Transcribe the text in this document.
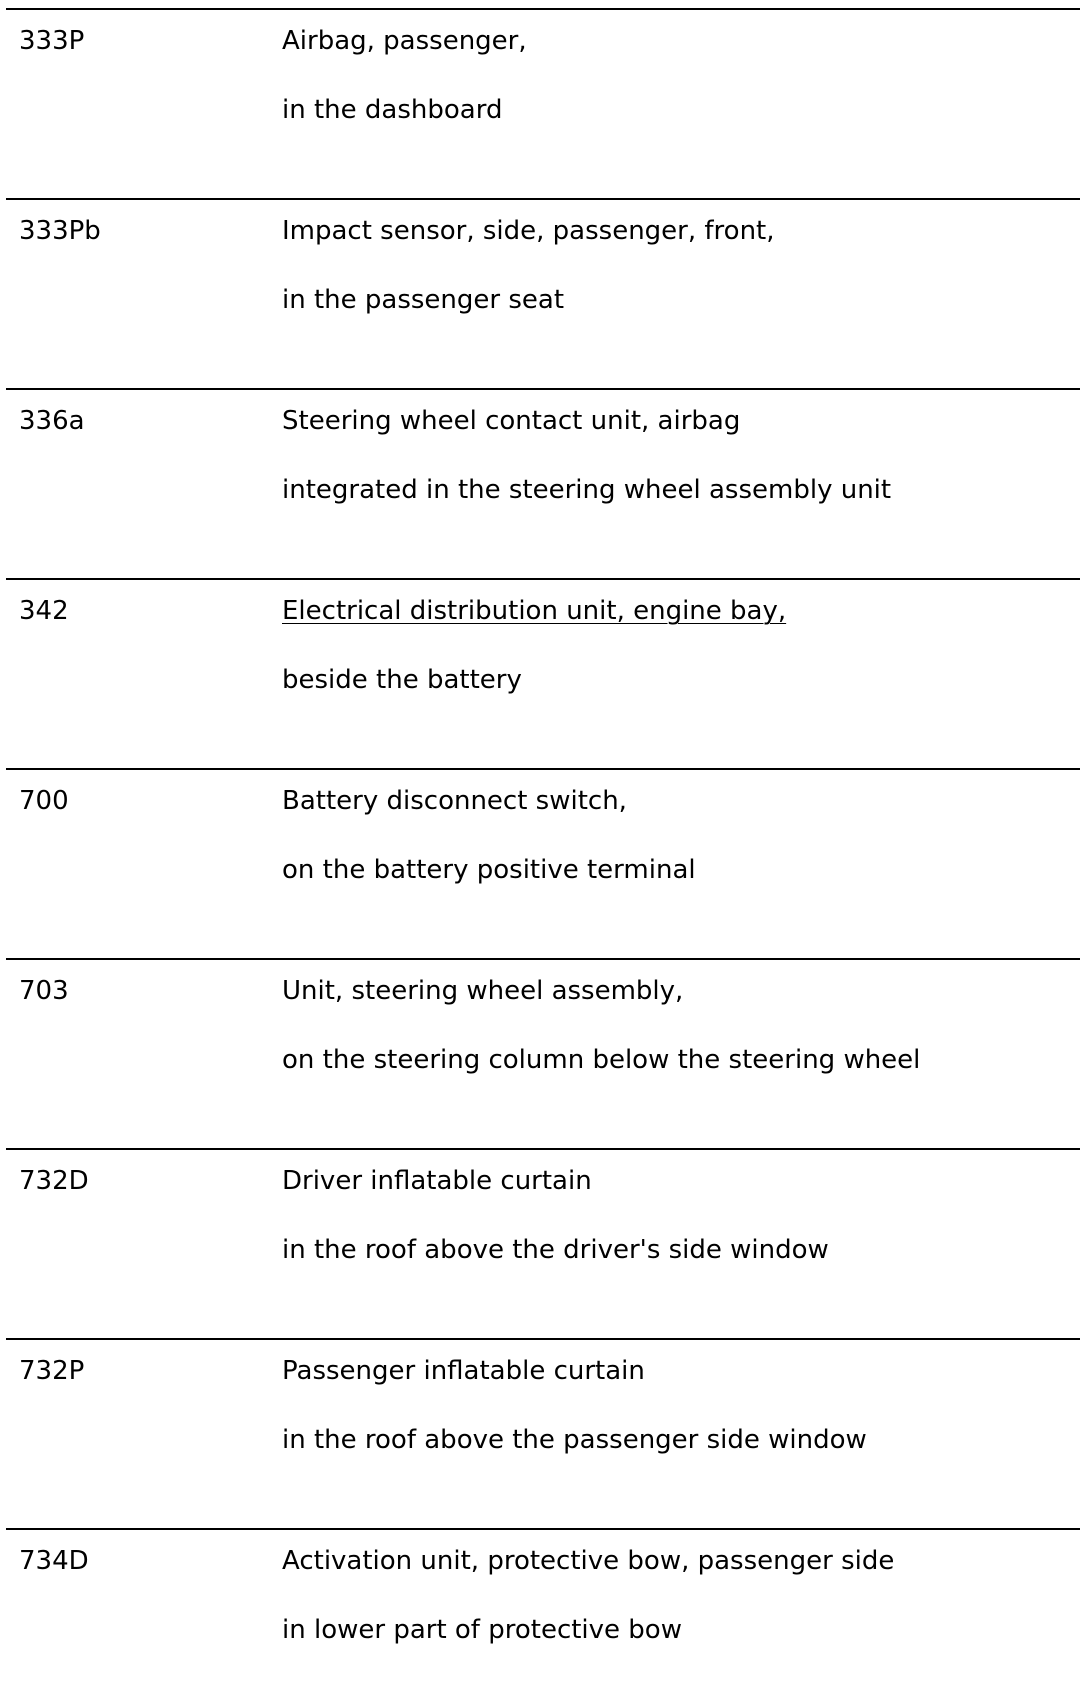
333P	Airbag, passenger,
in the dashboard
333Pb	Impact sensor, side, passenger, front,
in the passenger seat
336a	Steering wheel contact unit, airbag
integrated in the steering wheel assembly unit
342	Electrical distribution unit, engine bay,
beside the battery
700	Battery disconnect switch,
on the battery positive terminal
703	Unit, steering wheel assembly,
on the steering column below the steering wheel
732D	Driver inflatable curtain
in the roof above the driver's side window
732P	Passenger inflatable curtain
in the roof above the passenger side window
734D	Activation unit, protective bow, passenger side
in lower part of protective bow
